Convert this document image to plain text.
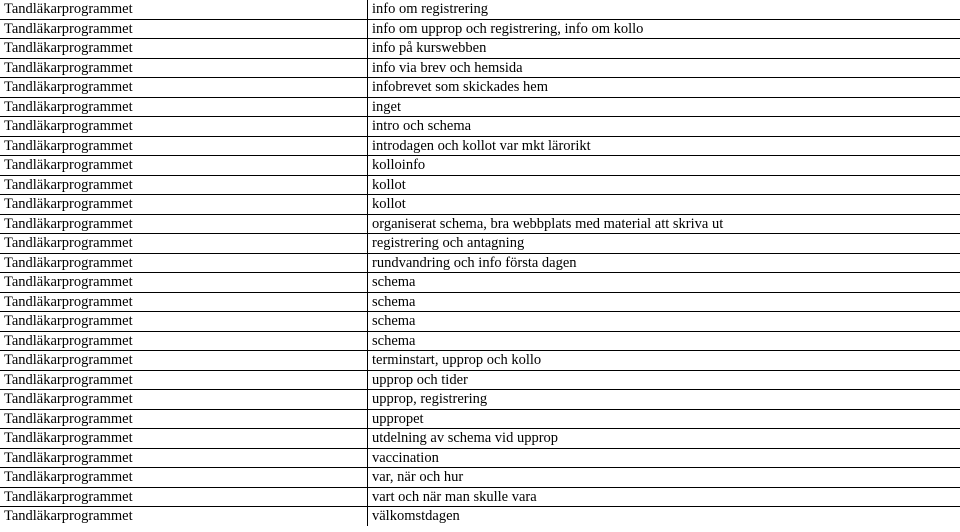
Tandläkarprogrammet	info om registrering
Tandläkarprogrammet	info om upprop och registrering, info om kollo
Tandläkarprogrammet	info på kurswebben
Tandläkarprogrammet	info via brev och hemsida
Tandläkarprogrammet	infobrevet som skickades hem
Tandläkarprogrammet	inget
Tandläkarprogrammet	intro och schema
Tandläkarprogrammet	introdagen och kollot var mkt lärorikt
Tandläkarprogrammet	kolloinfo
Tandläkarprogrammet	kollot
Tandläkarprogrammet	kollot
Tandläkarprogrammet	organiserat schema, bra webbplats med material att skriva ut
Tandläkarprogrammet	registrering och antagning
Tandläkarprogrammet	rundvandring och info första dagen
Tandläkarprogrammet	schema
Tandläkarprogrammet	schema
Tandläkarprogrammet	schema
Tandläkarprogrammet	schema
Tandläkarprogrammet	terminstart, upprop och kollo
Tandläkarprogrammet	upprop och tider
Tandläkarprogrammet	upprop, registrering
Tandläkarprogrammet	uppropet
Tandläkarprogrammet	utdelning av schema vid upprop
Tandläkarprogrammet	vaccination
Tandläkarprogrammet	var, när och hur
Tandläkarprogrammet	vart och när man skulle vara
Tandläkarprogrammet	välkomstdagen
